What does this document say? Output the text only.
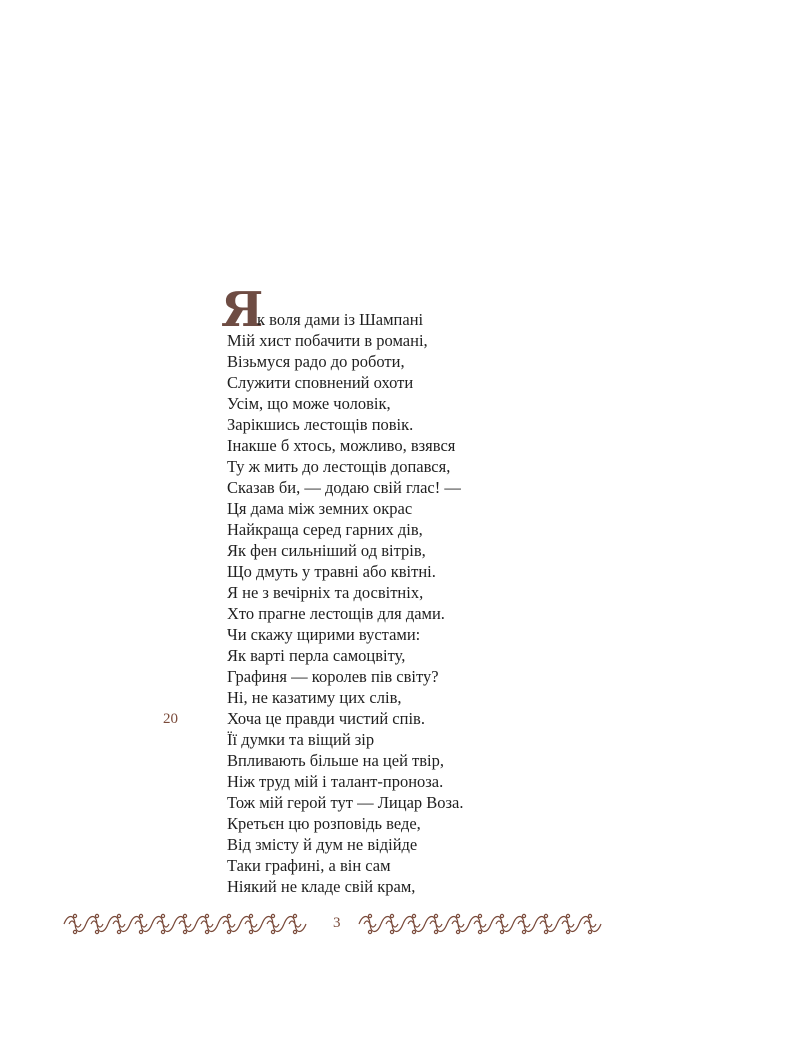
Я
к воля дами із Шампані
Мій хист побачити в романі,
Візьмуся радо до роботи,
Служити сповнений охоти
Усім, що може чоловік,
Зарікшись лестощів повік.
Інакше б хтось, можливо, взявся
Ту ж мить до лестощів допався,
Сказав би, — додаю свій глас! —
Ця дама між земних окрас
Найкраща серед гарних дів,
Як фен сильніший од вітрів,
Що дмуть у травні або квітні.
Я не з вечірніх та досвітніх,
Хто прагне лестощів для дами.
Чи скажу щирими вустами:
Як варті перла самоцвіту,
Графиня — королев пів світу?
Ні, не казатиму цих слів,
Хоча це правди чистий спів.
Її думки та віщий зір
Впливають більше на цей твір,
Ніж труд мій і талант-проноза.
Тож мій герой тут — Лицар Воза.
Кретьєн цю розповідь веде,
Від змісту й дум не відійде
Таки графині, а він сам
Ніякий не кладе свій крам,
20
3
